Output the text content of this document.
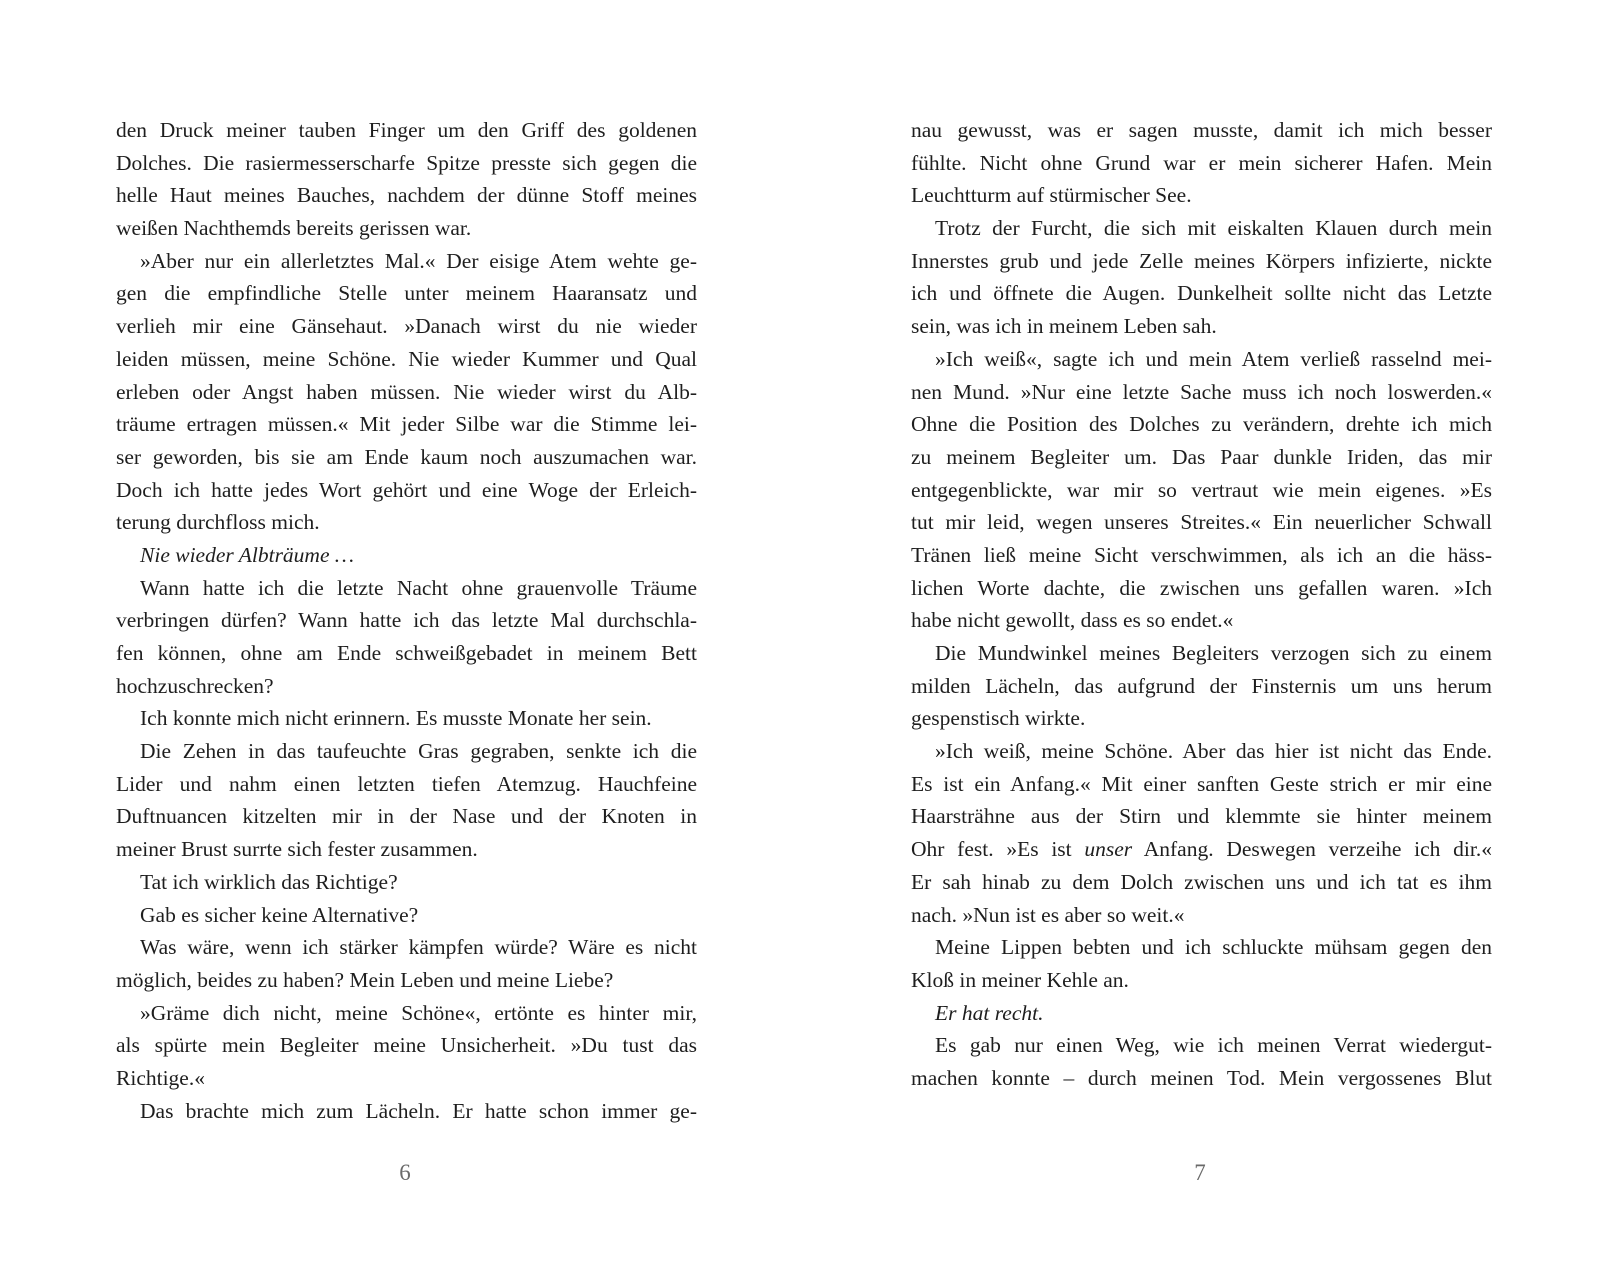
den Druck meiner tauben Finger um den Griff des goldenen
Dolches. Die rasiermesserscharfe Spitze presste sich gegen die
helle Haut meines Bauches, nachdem der dünne Stoff meines
weißen Nachthemds bereits gerissen war.
»Aber nur ein allerletztes Mal.« Der eisige Atem wehte ge-
gen die empfindliche Stelle unter meinem Haaransatz und
verlieh mir eine Gänsehaut. »Danach wirst du nie wieder
leiden müssen, meine Schöne. Nie wieder Kummer und Qual
erleben oder Angst haben müssen. Nie wieder wirst du Alb-
träume ertragen müssen.« Mit jeder Silbe war die Stimme lei-
ser geworden, bis sie am Ende kaum noch auszumachen war.
Doch ich hatte jedes Wort gehört und eine Woge der Erleich-
terung durchfloss mich.
Nie wieder Albträume …
Wann hatte ich die letzte Nacht ohne grauenvolle Träume
verbringen dürfen? Wann hatte ich das letzte Mal durchschla-
fen können, ohne am Ende schweißgebadet in meinem Bett
hochzuschrecken?
Ich konnte mich nicht erinnern. Es musste Monate her sein.
Die Zehen in das taufeuchte Gras gegraben, senkte ich die
Lider und nahm einen letzten tiefen Atemzug. Hauchfeine
Duftnuancen kitzelten mir in der Nase und der Knoten in
meiner Brust surrte sich fester zusammen.
Tat ich wirklich das Richtige?
Gab es sicher keine Alternative?
Was wäre, wenn ich stärker kämpfen würde? Wäre es nicht
möglich, beides zu haben? Mein Leben und meine Liebe?
»Gräme dich nicht, meine Schöne«, ertönte es hinter mir,
als spürte mein Begleiter meine Unsicherheit. »Du tust das
Richtige.«
Das brachte mich zum Lächeln. Er hatte schon immer ge-
6
nau gewusst, was er sagen musste, damit ich mich besser
fühlte. Nicht ohne Grund war er mein sicherer Hafen. Mein
Leuchtturm auf stürmischer See.
Trotz der Furcht, die sich mit eiskalten Klauen durch mein
Innerstes grub und jede Zelle meines Körpers infizierte, nickte
ich und öffnete die Augen. Dunkelheit sollte nicht das Letzte
sein, was ich in meinem Leben sah.
»Ich weiß«, sagte ich und mein Atem verließ rasselnd mei-
nen Mund. »Nur eine letzte Sache muss ich noch loswerden.«
Ohne die Position des Dolches zu verändern, drehte ich mich
zu meinem Begleiter um. Das Paar dunkle Iriden, das mir
entgegenblickte, war mir so vertraut wie mein eigenes. »Es
tut mir leid, wegen unseres Streites.« Ein neuerlicher Schwall
Tränen ließ meine Sicht verschwimmen, als ich an die häss-
lichen Worte dachte, die zwischen uns gefallen waren. »Ich
habe nicht gewollt, dass es so endet.«
Die Mundwinkel meines Begleiters verzogen sich zu einem
milden Lächeln, das aufgrund der Finsternis um uns herum
gespenstisch wirkte.
»Ich weiß, meine Schöne. Aber das hier ist nicht das Ende.
Es ist ein Anfang.« Mit einer sanften Geste strich er mir eine
Haarsträhne aus der Stirn und klemmte sie hinter meinem
Ohr fest. »Es ist unser Anfang. Deswegen verzeihe ich dir.«
Er sah hinab zu dem Dolch zwischen uns und ich tat es ihm
nach. »Nun ist es aber so weit.«
Meine Lippen bebten und ich schluckte mühsam gegen den
Kloß in meiner Kehle an.
Er hat recht.
Es gab nur einen Weg, wie ich meinen Verrat wiedergut-
machen konnte – durch meinen Tod. Mein vergossenes Blut
7
